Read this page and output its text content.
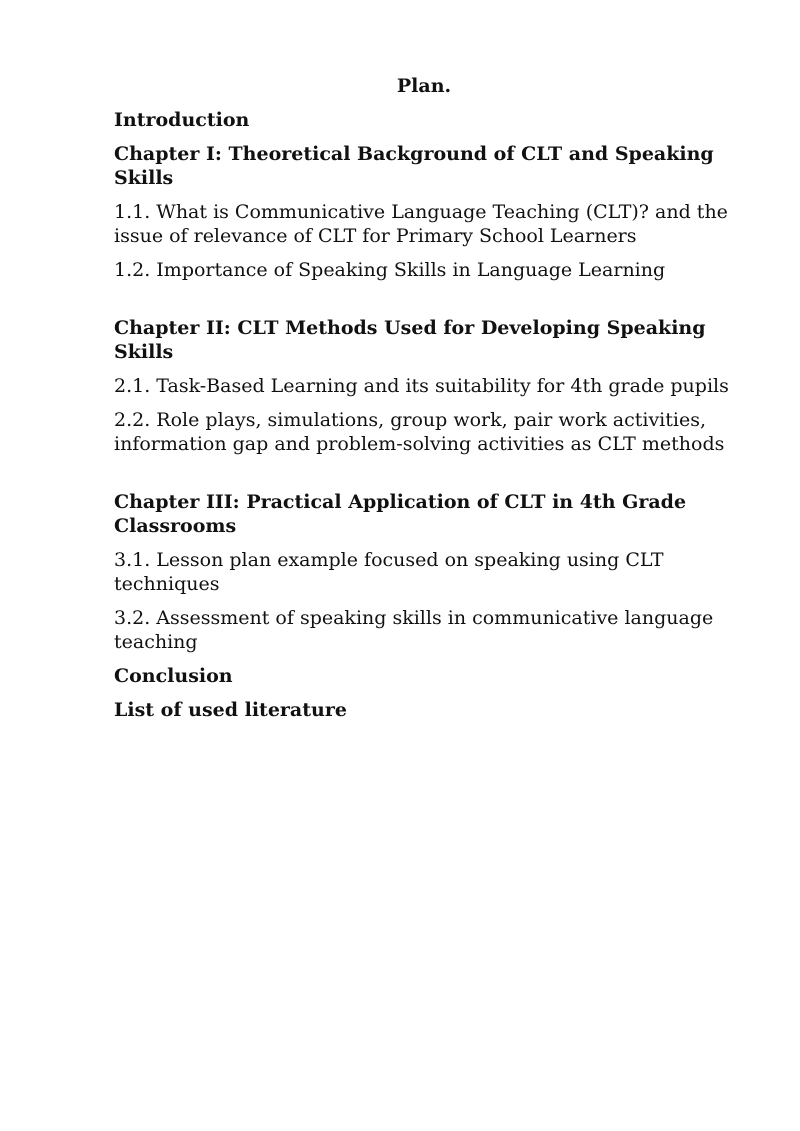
Plan.
Introduction
Chapter I: Theoretical Background of CLT and Speaking Skills
1.1. What is Communicative Language Teaching (CLT)? and the issue of relevance of CLT for Primary School Learners
1.2. Importance of Speaking Skills in Language Learning
Chapter II: CLT Methods Used for Developing Speaking Skills
2.1. Task-Based Learning and its suitability for 4th grade pupils
2.2. Role plays, simulations, group work, pair work activities, information gap and problem-solving activities as CLT methods
Chapter III: Practical Application of CLT in 4th Grade Classrooms
3.1. Lesson plan example focused on speaking using CLT techniques
3.2. Assessment of speaking skills in communicative language teaching
Conclusion
List of used literature
